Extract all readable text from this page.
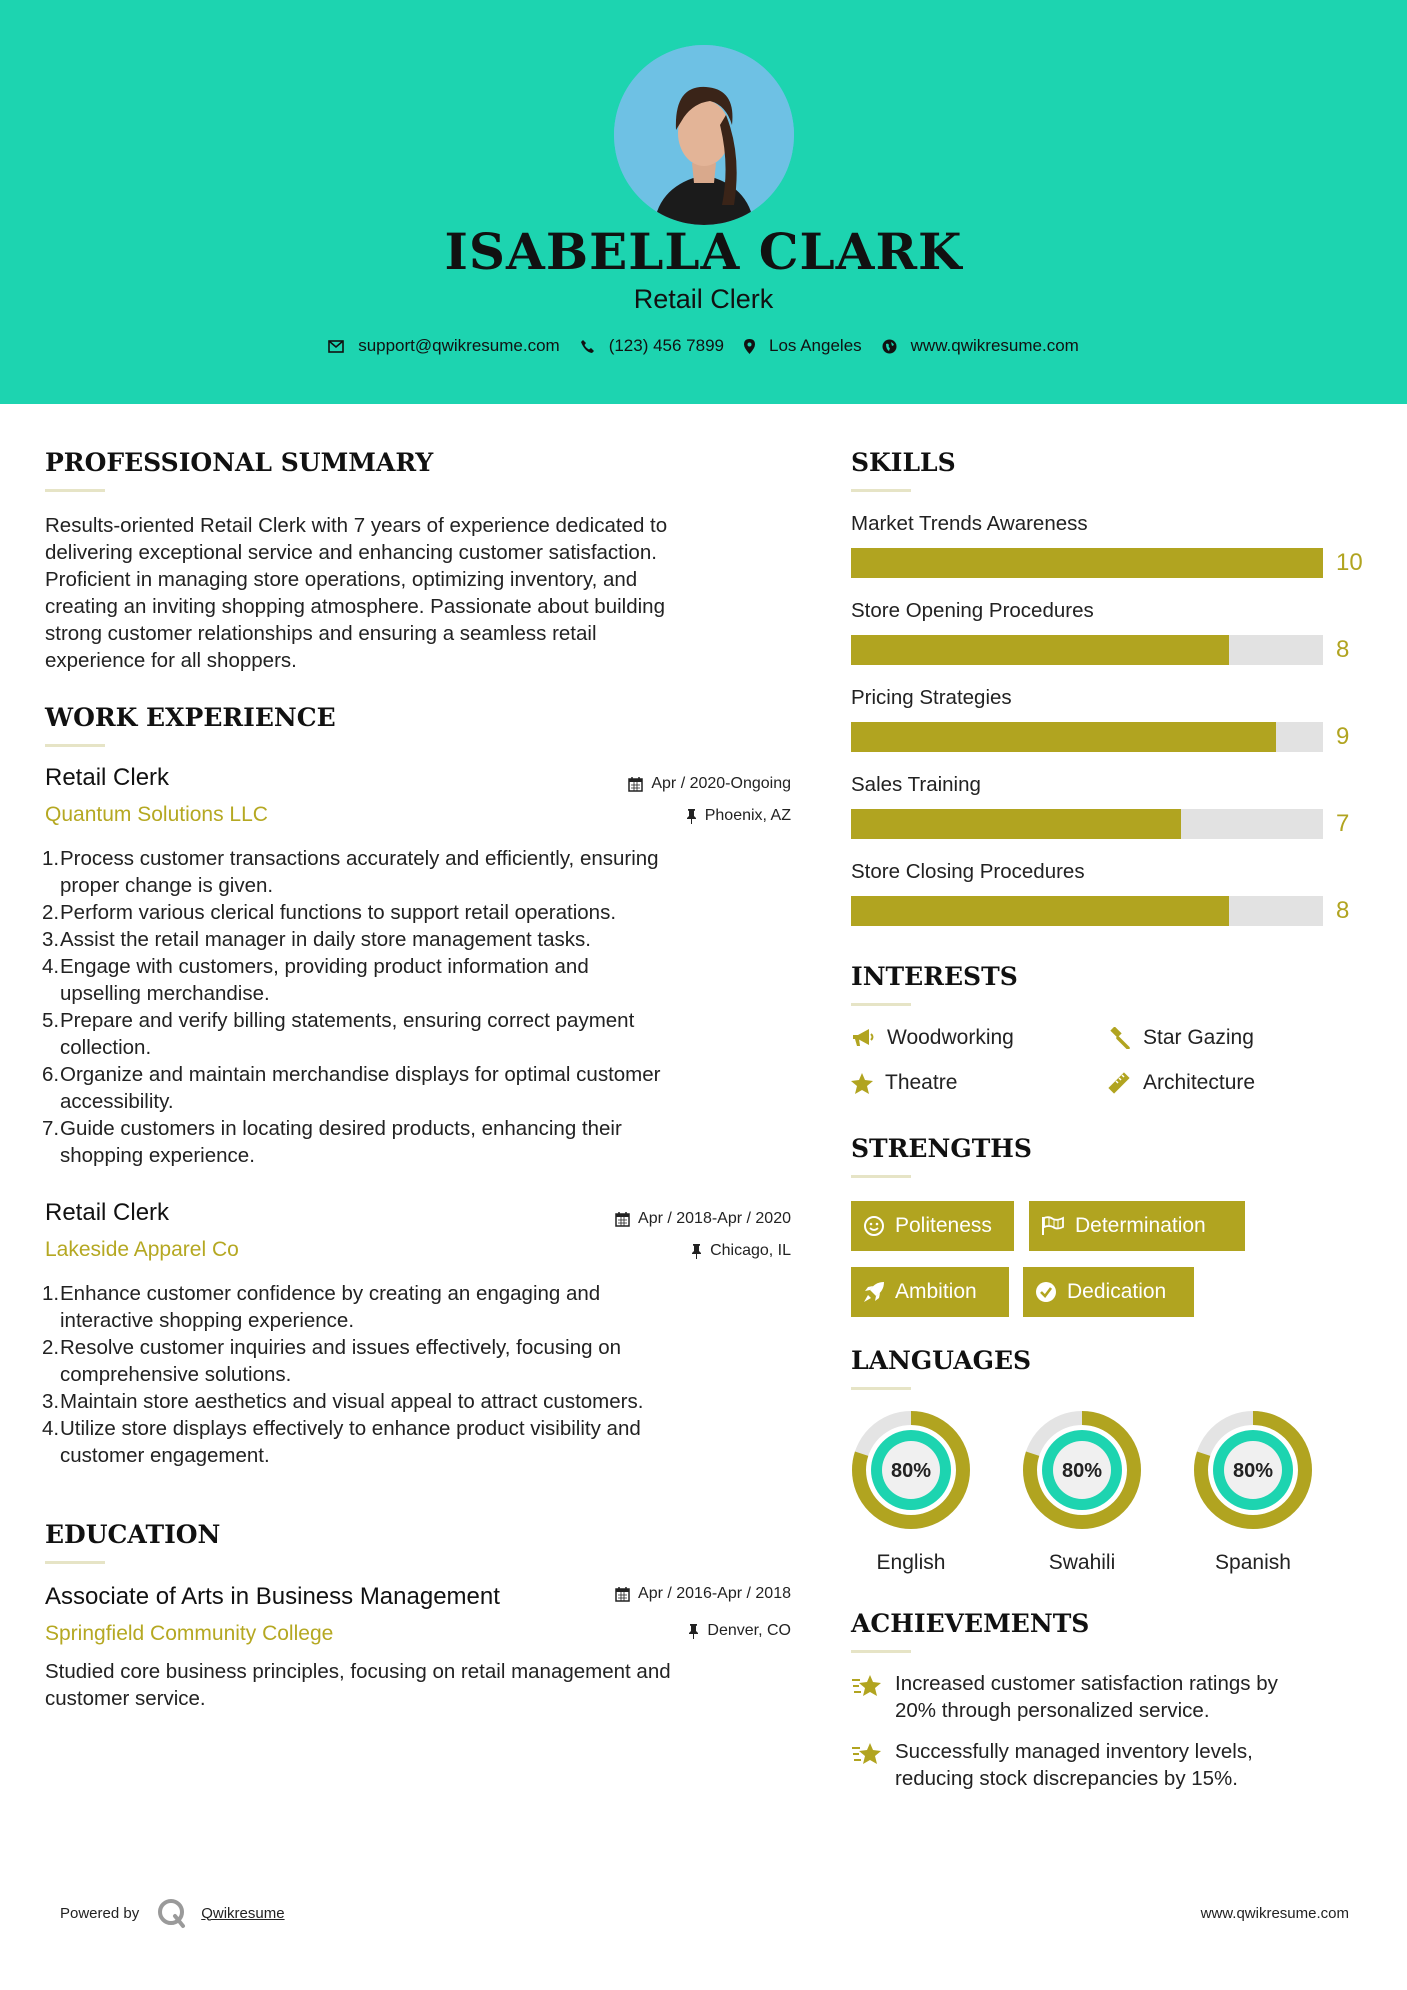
ISABELLA CLARK
Retail Clerk
support@qwikresume.com	(123) 456 7899	Los Angeles	www.qwikresume.com
PROFESSIONAL SUMMARY
Results-oriented Retail Clerk with 7 years of experience dedicated to
delivering exceptional service and enhancing customer satisfaction.
Proficient in managing store operations, optimizing inventory, and
creating an inviting shopping atmosphere. Passionate about building
strong customer relationships and ensuring a seamless retail
experience for all shoppers.
WORK EXPERIENCE
Retail Clerk
Quantum Solutions LLC
Apr / 2020-Ongoing
Phoenix, AZ
1. Process customer transactions accurately and efficiently, ensuring
proper change is given.
2. Perform various clerical functions to support retail operations.
3. Assist the retail manager in daily store management tasks.
4. Engage with customers, providing product information and
upselling merchandise.
5. Prepare and verify billing statements, ensuring correct payment
collection.
6. Organize and maintain merchandise displays for optimal customer
accessibility.
7. Guide customers in locating desired products, enhancing their
shopping experience.
Retail Clerk
Lakeside Apparel Co
Apr / 2018-Apr / 2020
Chicago, IL
1. Enhance customer confidence by creating an engaging and
interactive shopping experience.
2. Resolve customer inquiries and issues effectively, focusing on
comprehensive solutions.
3. Maintain store aesthetics and visual appeal to attract customers.
4. Utilize store displays effectively to enhance product visibility and
customer engagement.
EDUCATION
Associate of Arts in Business Management
Springfield Community College
Apr / 2016-Apr / 2018
Denver, CO
Studied core business principles, focusing on retail management and
customer service.
SKILLS
Market Trends Awareness
10
Store Opening Procedures
8
Pricing Strategies
9
Sales Training
7
Store Closing Procedures
8
INTERESTS
Woodworking	Star Gazing
Theatre	Architecture
STRENGTHS
Politeness	Determination
Ambition	Dedication
LANGUAGES
80%
English
80%
Swahili
80%
Spanish
ACHIEVEMENTS
Increased customer satisfaction ratings by
20% through personalized service.
Successfully managed inventory levels,
reducing stock discrepancies by 15%.
Powered by	Qwikresume	www.qwikresume.com
